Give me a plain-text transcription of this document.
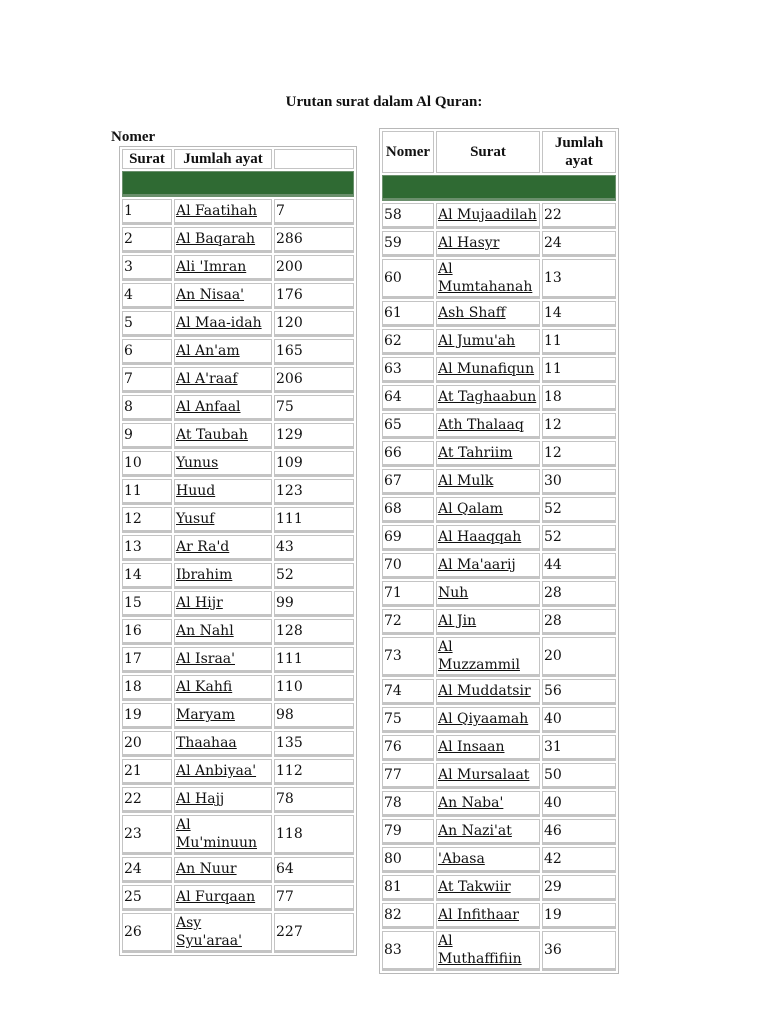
Urutan surat dalam Al Quran:
Nomer
Surat	Jumlah ayat	

1	Al Faatihah	7
2	Al Baqarah	286
3	Ali 'Imran	200
4	An Nisaa'	176
5	Al Maa-idah	120
6	Al An'am	165
7	Al A'raaf	206
8	Al Anfaal	75
9	At Taubah	129
10	Yunus	109
11	Huud	123
12	Yusuf	111
13	Ar Ra'd	43
14	Ibrahim	52
15	Al Hijr	99
16	An Nahl	128
17	Al Israa'	111
18	Al Kahfi	110
19	Maryam	98
20	Thaahaa	135
21	Al Anbiyaa'	112
22	Al Hajj	78
23	Al Mu'minuun	118
24	An Nuur	64
25	Al Furqaan	77
26	Asy Syu'araa'	227
Nomer	Surat	Jumlah ayat

58	Al Mujaadilah	22
59	Al Hasyr	24
60	Al Mumtahanah	13
61	Ash Shaff	14
62	Al Jumu'ah	11
63	Al Munafiqun	11
64	At Taghaabun	18
65	Ath Thalaaq	12
66	At Tahriim	12
67	Al Mulk	30
68	Al Qalam	52
69	Al Haaqqah	52
70	Al Ma'aarij	44
71	Nuh	28
72	Al Jin	28
73	Al Muzzammil	20
74	Al Muddatsir	56
75	Al Qiyaamah	40
76	Al Insaan	31
77	Al Mursalaat	50
78	An Naba'	40
79	An Nazi'at	46
80	'Abasa	42
81	At Takwiir	29
82	Al Infithaar	19
83	Al Muthaffifiin	36
